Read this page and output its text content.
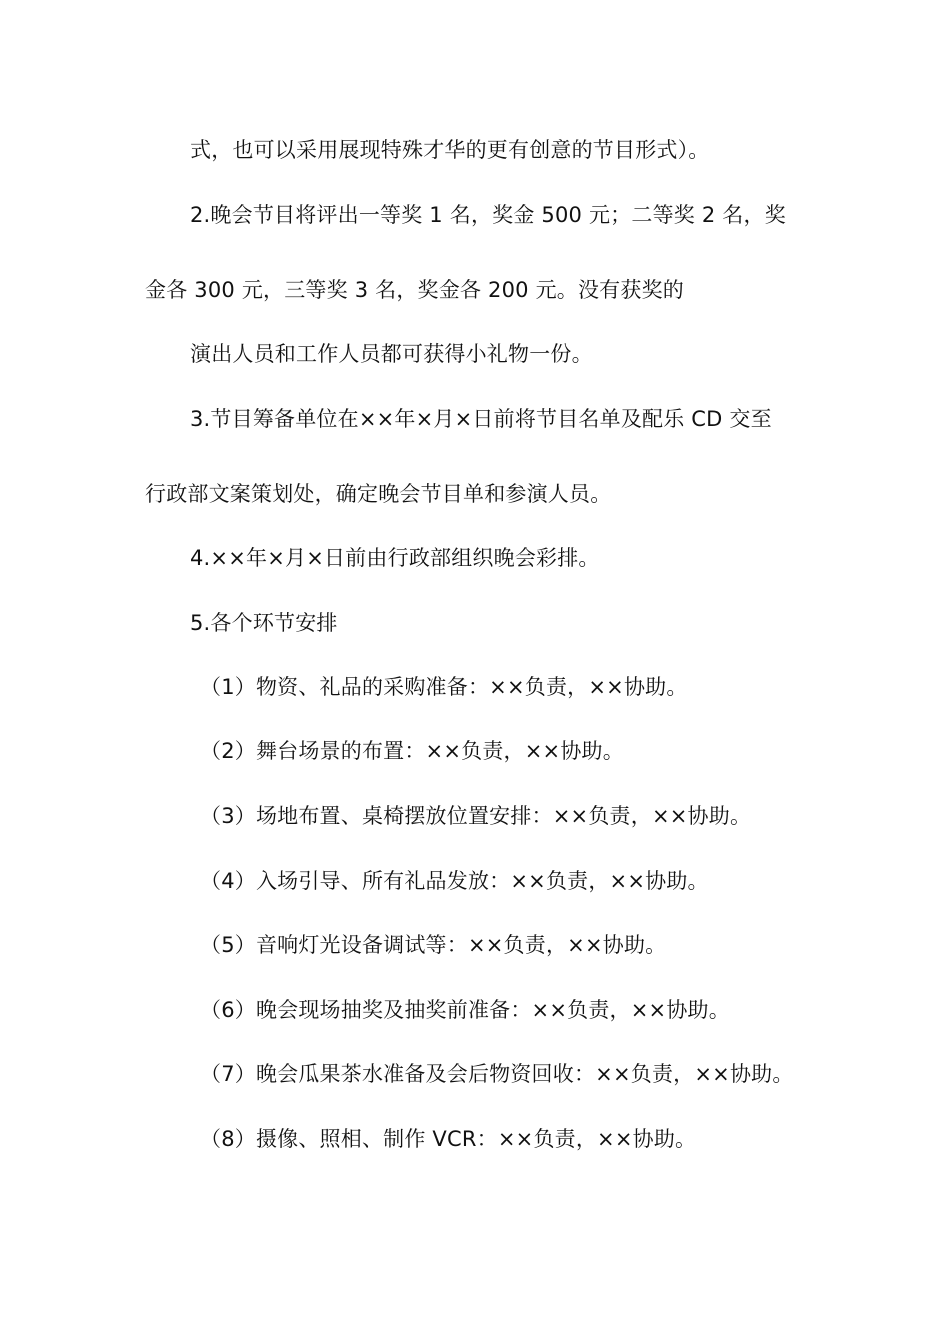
式，也可以采用展现特殊才华的更有创意的节目形式）。
2.晚会节目将评出一等奖 1 名，奖金 500 元；二等奖 2 名，奖
金各 300 元，三等奖 3 名，奖金各 200 元。没有获奖的
演出人员和工作人员都可获得小礼物一份。
3.节目筹备单位在××年×月×日前将节目名单及配乐 CD 交至
行政部文案策划处，确定晚会节目单和参演人员。
4.××年×月×日前由行政部组织晚会彩排。
5.各个环节安排
（1）物资、礼品的采购准备：××负责，××协助。
（2）舞台场景的布置：××负责，××协助。
（3）场地布置、桌椅摆放位置安排：××负责，××协助。
（4）入场引导、所有礼品发放：××负责，××协助。
（5）音响灯光设备调试等：××负责，××协助。
（6）晚会现场抽奖及抽奖前准备：××负责，××协助。
（7）晚会瓜果茶水准备及会后物资回收：××负责，××协助。
（8）摄像、照相、制作 VCR：××负责，××协助。
